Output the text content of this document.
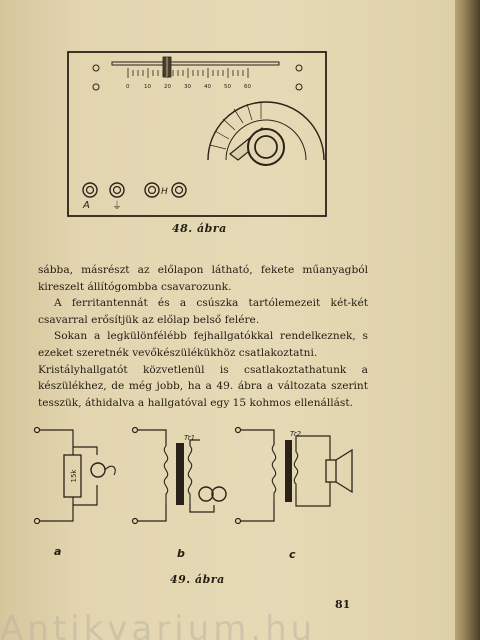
0	10 20 30 40 50 60
A ⏚
H
48. ábra

sábba, másrészt az előlapon látható, fekete műanyagból kireszelt állítógombba csavarozunk.

A ferritantennát és a csúszka tartólemezeit két-két csavarral erősítjük az előlap belső felére.

Sokan a legkülönfélébb fejhallgatókkal rendelkeznek, s ezeket szeretnék vevőkészülékükhöz csatlakoztatni.

Kristályhallgatót közvetlenül is csatlakoztathatunk a készülékhez, de még jobb, ha a 49. ábra a változata szerint tesszük, áthidalva a hallgatóval egy 15 kohmos ellenállást.

15k
Tr1	Tr2
a	b	c
49. ábra
81
Antikvarium.hu
